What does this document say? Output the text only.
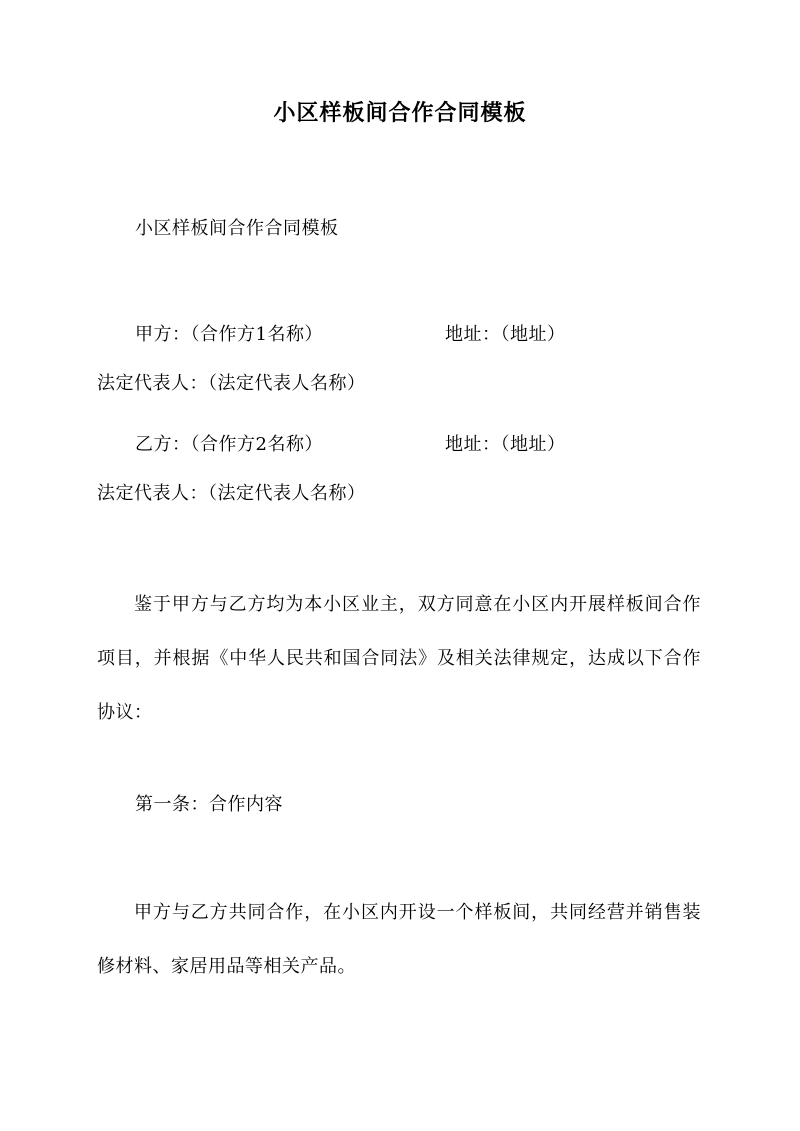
小区样板间合作合同模板
小区样板间合作合同模板
甲方：（合作方1名称）	地址：（地址）
法定代表人：（法定代表人名称）
乙方：（合作方2名称）	地址：（地址）
法定代表人：（法定代表人名称）
鉴于甲方与乙方均为本小区业主，双方同意在小区内开展样板间合作项目，并根据《中华人民共和国合同法》及相关法律规定，达成以下合作协议：
第一条：合作内容
甲方与乙方共同合作，在小区内开设一个样板间，共同经营并销售装修材料、家居用品等相关产品。
